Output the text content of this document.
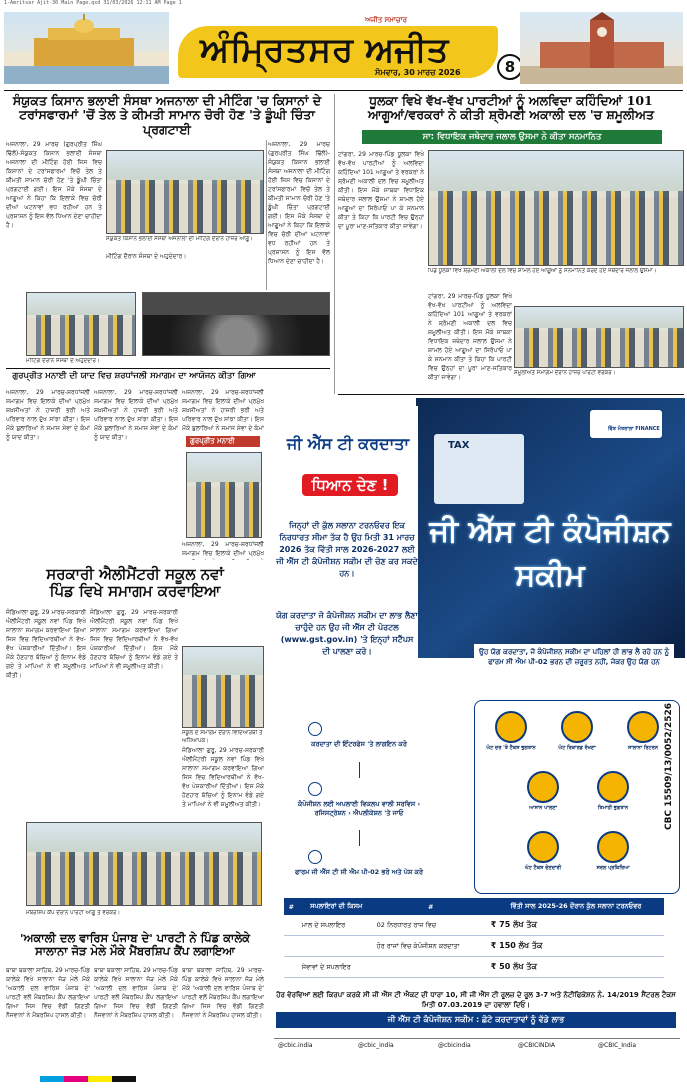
1-Amritsar Ajit-30 Main Page.qxd 31/03/2026 12:11 AM Page 1
ਅੰਮ੍ਰਿਤਸਰ
ਅਜੀਤ ਸਮਾਚਾਰ
ਅਜੀਤ
ਸੋਮਵਾਰ, 30 ਮਾਰਚ 2026	8
ਸੰਯੁਕਤ ਕਿਸਾਨ ਭਲਾਈ ਸੰਸਥਾ ਅਜਨਾਲਾ ਦੀ ਮੀਟਿੰਗ 'ਚ ਕਿਸਾਨਾਂ ਦੇ
ਟਰਾਂਸਫਾਰਮਾਂ 'ਚੋਂ ਤੇਲ ਤੇ ਕੀਮਤੀ ਸਾਮਾਨ ਚੋਰੀ ਹੋਣ 'ਤੇ ਡੂੰਘੀ ਚਿੰਤਾ ਪ੍ਰਗਟਾਈ
ਅਜਨਾਲਾ, 29 ਮਾਰਚ (ਗੁਰਪ੍ਰੀਤ ਸਿੰਘ ਢਿੱਲੋਂ)-ਸੰਯੁਕਤ ਕਿਸਾਨ ਭਲਾਈ ਸੰਸਥਾ ਅਜਨਾਲਾ ਦੀ ਮੀਟਿੰਗ ਹੋਈ ਜਿਸ ਵਿਚ ਕਿਸਾਨਾਂ ਦੇ ਟਰਾਂਸਫਾਰਮਾਂ ਵਿਚੋਂ ਤੇਲ ਤੇ ਕੀਮਤੀ ਸਾਮਾਨ ਚੋਰੀ ਹੋਣ 'ਤੇ ਡੂੰਘੀ ਚਿੰਤਾ ਪ੍ਰਗਟਾਈ ਗਈ। ਇਸ ਮੌਕੇ ਸੰਸਥਾ ਦੇ ਆਗੂਆਂ ਨੇ ਕਿਹਾ ਕਿ ਇਲਾਕੇ ਵਿਚ ਚੋਰੀ ਦੀਆਂ ਘਟਨਾਵਾਂ ਵਧ ਰਹੀਆਂ ਹਨ ਤੇ ਪ੍ਰਸ਼ਾਸਨ ਨੂੰ ਇਸ ਵੱਲ ਧਿਆਨ ਦੇਣਾ ਚਾਹੀਦਾ ਹੈ।
ਸੰਯੁਕਤ ਕਿਸਾਨ ਭਲਾਈ ਸੰਸਥਾ ਅਜਨਾਲਾ ਦੀ ਮੀਟਿੰਗ ਦੌਰਾਨ ਹਾਜ਼ਰ ਆਗੂ।
ਮੀਟਿੰਗ ਦੌਰਾਨ ਸੰਸਥਾ ਦੇ ਅਹੁਦੇਦਾਰ।
ਅਜਨਾਲਾ, 29 ਮਾਰਚ (ਗੁਰਪ੍ਰੀਤ ਸਿੰਘ ਢਿੱਲੋਂ)-ਸੰਯੁਕਤ ਕਿਸਾਨ ਭਲਾਈ ਸੰਸਥਾ ਅਜਨਾਲਾ ਦੀ ਮੀਟਿੰਗ ਹੋਈ ਜਿਸ ਵਿਚ ਕਿਸਾਨਾਂ ਦੇ ਟਰਾਂਸਫਾਰਮਾਂ ਵਿਚੋਂ ਤੇਲ ਤੇ ਕੀਮਤੀ ਸਾਮਾਨ ਚੋਰੀ ਹੋਣ 'ਤੇ ਡੂੰਘੀ ਚਿੰਤਾ ਪ੍ਰਗਟਾਈ ਗਈ। ਇਸ ਮੌਕੇ ਸੰਸਥਾ ਦੇ ਆਗੂਆਂ ਨੇ ਕਿਹਾ ਕਿ ਇਲਾਕੇ ਵਿਚ ਚੋਰੀ ਦੀਆਂ ਘਟਨਾਵਾਂ ਵਧ ਰਹੀਆਂ ਹਨ ਤੇ ਪ੍ਰਸ਼ਾਸਨ ਨੂੰ ਇਸ ਵੱਲ ਧਿਆਨ ਦੇਣਾ ਚਾਹੀਦਾ ਹੈ।
ਮੀਟਿੰਗ ਦੌਰਾਨ ਸੰਸਥਾ ਦੇ ਅਹੁਦੇਦਾਰ।
ਧੂਲਕਾ ਵਿਖੇ ਵੱਖ-ਵੱਖ ਪਾਰਟੀਆਂ ਨੂੰ ਅਲਵਿਦਾ ਕਹਿੰਦਿਆਂ 101
ਆਗੂਆਂ/ਵਰਕਰਾਂ ਨੇ ਕੀਤੀ ਸ਼੍ਰੋਮਣੀ ਅਕਾਲੀ ਦਲ 'ਚ ਸ਼ਮੂਲੀਅਤ
ਸਾ: ਵਿਧਾਇਕ ਜਥੇਦਾਰ ਜਲਾਲ ਉਸਮਾ ਨੇ ਕੀਤਾ ਸਨਮਾਨਿਤ
ਟਾਂਗਰਾ, 29 ਮਾਰਚ-ਪਿੰਡ ਧੂਲਕਾ ਵਿਖੇ ਵੱਖ-ਵੱਖ ਪਾਰਟੀਆਂ ਨੂੰ ਅਲਵਿਦਾ ਕਹਿੰਦਿਆਂ 101 ਆਗੂਆਂ ਤੇ ਵਰਕਰਾਂ ਨੇ ਸ਼੍ਰੋਮਣੀ ਅਕਾਲੀ ਦਲ ਵਿਚ ਸ਼ਮੂਲੀਅਤ ਕੀਤੀ। ਇਸ ਮੌਕੇ ਸਾਬਕਾ ਵਿਧਾਇਕ ਜਥੇਦਾਰ ਜਲਾਲ ਉਸਮਾ ਨੇ ਸ਼ਾਮਲ ਹੋਏ ਆਗੂਆਂ ਦਾ ਸਿਰੋਪਾਓ ਪਾ ਕੇ ਸਨਮਾਨ ਕੀਤਾ ਤੇ ਕਿਹਾ ਕਿ ਪਾਰਟੀ ਵਿਚ ਉਨ੍ਹਾਂ ਦਾ ਪੂਰਾ ਮਾਣ-ਸਤਿਕਾਰ ਕੀਤਾ ਜਾਵੇਗਾ।
ਪਿੰਡ ਧੂਲਕਾ ਵਿਖੇ ਸ਼੍ਰੋਮਣੀ ਅਕਾਲੀ ਦਲ ਵਿਚ ਸ਼ਾਮਲ ਹੋਏ ਆਗੂਆਂ ਨੂੰ ਸਨਮਾਨਿਤ ਕਰਦੇ ਹੋਏ ਜਥੇਦਾਰ ਜਲਾਲ ਉਸਮਾ।
ਟਾਂਗਰਾ, 29 ਮਾਰਚ-ਪਿੰਡ ਧੂਲਕਾ ਵਿਖੇ ਵੱਖ-ਵੱਖ ਪਾਰਟੀਆਂ ਨੂੰ ਅਲਵਿਦਾ ਕਹਿੰਦਿਆਂ 101 ਆਗੂਆਂ ਤੇ ਵਰਕਰਾਂ ਨੇ ਸ਼੍ਰੋਮਣੀ ਅਕਾਲੀ ਦਲ ਵਿਚ ਸ਼ਮੂਲੀਅਤ ਕੀਤੀ। ਇਸ ਮੌਕੇ ਸਾਬਕਾ ਵਿਧਾਇਕ ਜਥੇਦਾਰ ਜਲਾਲ ਉਸਮਾ ਨੇ ਸ਼ਾਮਲ ਹੋਏ ਆਗੂਆਂ ਦਾ ਸਿਰੋਪਾਓ ਪਾ ਕੇ ਸਨਮਾਨ ਕੀਤਾ ਤੇ ਕਿਹਾ ਕਿ ਪਾਰਟੀ ਵਿਚ ਉਨ੍ਹਾਂ ਦਾ ਪੂਰਾ ਮਾਣ-ਸਤਿਕਾਰ ਕੀਤਾ ਜਾਵੇਗਾ।
ਸ਼ਮੂਲੀਅਤ ਸਮਾਗਮ ਦੌਰਾਨ ਹਾਜ਼ਰ ਪਾਰਟੀ ਵਰਕਰ।
ਗੁਰਪ੍ਰੀਤ ਮਨਾਈ ਦੀ ਯਾਦ ਵਿਚ ਸ਼ਰਧਾਂਜਲੀ ਸਮਾਗਮ ਦਾ ਆਯੋਜਨ ਕੀਤਾ ਗਿਆ
ਅਜਨਾਲਾ, 29 ਮਾਰਚ-ਸ਼ਰਧਾਂਜਲੀ ਸਮਾਗਮ ਵਿਚ ਇਲਾਕੇ ਦੀਆਂ ਪ੍ਰਮੁੱਖ ਸ਼ਖ਼ਸੀਅਤਾਂ ਨੇ ਹਾਜ਼ਰੀ ਭਰੀ ਅਤੇ ਪਰਿਵਾਰ ਨਾਲ ਦੁੱਖ ਸਾਂਝਾ ਕੀਤਾ। ਇਸ ਮੌਕੇ ਬੁਲਾਰਿਆਂ ਨੇ ਸਮਾਜ ਸੇਵਾ ਦੇ ਕੰਮਾਂ ਨੂੰ ਯਾਦ ਕੀਤਾ।
ਅਜਨਾਲਾ, 29 ਮਾਰਚ-ਸ਼ਰਧਾਂਜਲੀ ਸਮਾਗਮ ਵਿਚ ਇਲਾਕੇ ਦੀਆਂ ਪ੍ਰਮੁੱਖ ਸ਼ਖ਼ਸੀਅਤਾਂ ਨੇ ਹਾਜ਼ਰੀ ਭਰੀ ਅਤੇ ਪਰਿਵਾਰ ਨਾਲ ਦੁੱਖ ਸਾਂਝਾ ਕੀਤਾ। ਇਸ ਮੌਕੇ ਬੁਲਾਰਿਆਂ ਨੇ ਸਮਾਜ ਸੇਵਾ ਦੇ ਕੰਮਾਂ ਨੂੰ ਯਾਦ ਕੀਤਾ।
ਅਜਨਾਲਾ, 29 ਮਾਰਚ-ਸ਼ਰਧਾਂਜਲੀ ਸਮਾਗਮ ਵਿਚ ਇਲਾਕੇ ਦੀਆਂ ਪ੍ਰਮੁੱਖ ਸ਼ਖ਼ਸੀਅਤਾਂ ਨੇ ਹਾਜ਼ਰੀ ਭਰੀ ਅਤੇ ਪਰਿਵਾਰ ਨਾਲ ਦੁੱਖ ਸਾਂਝਾ ਕੀਤਾ। ਇਸ ਮੌਕੇ ਬੁਲਾਰਿਆਂ ਨੇ ਸਮਾਜ ਸੇਵਾ ਦੇ ਕੰਮਾਂ
ਗੁਰਪ੍ਰੀਤ ਮਨਾਈ
ਅਜਨਾਲਾ, 29 ਮਾਰਚ-ਸ਼ਰਧਾਂਜਲੀ ਸਮਾਗਮ ਵਿਚ ਇਲਾਕੇ ਦੀਆਂ ਪ੍ਰਮੁੱਖ
ਸਰਕਾਰੀ ਐਲੀਮੈਂਟਰੀ ਸਕੂਲ ਨਵਾਂ
ਪਿੰਡ ਵਿਖੇ ਸਮਾਗਮ ਕਰਵਾਇਆ
ਜੰਡਿਆਲਾ ਗੁਰੂ, 29 ਮਾਰਚ-ਸਰਕਾਰੀ ਐਲੀਮੈਂਟਰੀ ਸਕੂਲ ਨਵਾਂ ਪਿੰਡ ਵਿਖੇ ਸਾਲਾਨਾ ਸਮਾਗਮ ਕਰਵਾਇਆ ਗਿਆ ਜਿਸ ਵਿਚ ਵਿਦਿਆਰਥੀਆਂ ਨੇ ਵੱਖ-ਵੱਖ ਪੇਸ਼ਕਾਰੀਆਂ ਦਿੱਤੀਆਂ। ਇਸ ਮੌਕੇ ਹੋਣਹਾਰ ਬੱਚਿਆਂ ਨੂੰ ਇਨਾਮ ਵੰਡੇ ਗਏ ਤੇ ਮਾਪਿਆਂ ਨੇ ਵੀ ਸ਼ਮੂਲੀਅਤ ਕੀਤੀ।
ਜੰਡਿਆਲਾ ਗੁਰੂ, 29 ਮਾਰਚ-ਸਰਕਾਰੀ ਐਲੀਮੈਂਟਰੀ ਸਕੂਲ ਨਵਾਂ ਪਿੰਡ ਵਿਖੇ ਸਾਲਾਨਾ ਸਮਾਗਮ ਕਰਵਾਇਆ ਗਿਆ ਜਿਸ ਵਿਚ ਵਿਦਿਆਰਥੀਆਂ ਨੇ ਵੱਖ-ਵੱਖ ਪੇਸ਼ਕਾਰੀਆਂ ਦਿੱਤੀਆਂ। ਇਸ ਮੌਕੇ ਹੋਣਹਾਰ ਬੱਚਿਆਂ ਨੂੰ ਇਨਾਮ ਵੰਡੇ ਗਏ ਤੇ ਮਾਪਿਆਂ ਨੇ ਵੀ ਸ਼ਮੂਲੀਅਤ ਕੀਤੀ।
ਸਕੂਲ ਦੇ ਸਮਾਗਮ ਦੌਰਾਨ ਵਿਦਿਆਰਥੀ ਤੇ ਅਧਿਆਪਕ।
ਜੰਡਿਆਲਾ ਗੁਰੂ, 29 ਮਾਰਚ-ਸਰਕਾਰੀ ਐਲੀਮੈਂਟਰੀ ਸਕੂਲ ਨਵਾਂ ਪਿੰਡ ਵਿਖੇ ਸਾਲਾਨਾ ਸਮਾਗਮ ਕਰਵਾਇਆ ਗਿਆ ਜਿਸ ਵਿਚ ਵਿਦਿਆਰਥੀਆਂ ਨੇ ਵੱਖ-ਵੱਖ ਪੇਸ਼ਕਾਰੀਆਂ ਦਿੱਤੀਆਂ। ਇਸ ਮੌਕੇ ਹੋਣਹਾਰ ਬੱਚਿਆਂ ਨੂੰ ਇਨਾਮ ਵੰਡੇ ਗਏ ਤੇ ਮਾਪਿਆਂ ਨੇ ਵੀ ਸ਼ਮੂਲੀਅਤ ਕੀਤੀ।
ਮੈਂਬਰਸ਼ਿਪ ਕੈਂਪ ਦੌਰਾਨ ਪਾਰਟੀ ਆਗੂ ਤੇ ਵਰਕਰ।
'ਅਕਾਲੀ ਦਲ ਵਾਰਿਸ ਪੰਜਾਬ ਦੇ' ਪਾਰਟੀ ਨੇ ਪਿੰਡ ਕਾਲੇਕੇ
ਸਾਲਾਨਾ ਜੋੜ ਮੇਲੇ ਮੌਕੇ ਮੈਂਬਰਸ਼ਿਪ ਕੈਂਪ ਲਗਾਇਆ
ਬਾਬਾ ਬਕਾਲਾ ਸਾਹਿਬ, 29 ਮਾਰਚ-ਪਿੰਡ ਕਾਲੇਕੇ ਵਿਖੇ ਸਾਲਾਨਾ ਜੋੜ ਮੇਲੇ ਮੌਕੇ 'ਅਕਾਲੀ ਦਲ ਵਾਰਿਸ ਪੰਜਾਬ ਦੇ' ਪਾਰਟੀ ਵਲੋਂ ਮੈਂਬਰਸ਼ਿਪ ਕੈਂਪ ਲਗਾਇਆ ਗਿਆ ਜਿਸ ਵਿਚ ਵੱਡੀ ਗਿਣਤੀ ਨੌਜਵਾਨਾਂ ਨੇ ਮੈਂਬਰਸ਼ਿਪ ਹਾਸਲ ਕੀਤੀ।
ਬਾਬਾ ਬਕਾਲਾ ਸਾਹਿਬ, 29 ਮਾਰਚ-ਪਿੰਡ ਕਾਲੇਕੇ ਵਿਖੇ ਸਾਲਾਨਾ ਜੋੜ ਮੇਲੇ ਮੌਕੇ 'ਅਕਾਲੀ ਦਲ ਵਾਰਿਸ ਪੰਜਾਬ ਦੇ' ਪਾਰਟੀ ਵਲੋਂ ਮੈਂਬਰਸ਼ਿਪ ਕੈਂਪ ਲਗਾਇਆ ਗਿਆ ਜਿਸ ਵਿਚ ਵੱਡੀ ਗਿਣਤੀ ਨੌਜਵਾਨਾਂ ਨੇ ਮੈਂਬਰਸ਼ਿਪ ਹਾਸਲ ਕੀਤੀ।
ਬਾਬਾ ਬਕਾਲਾ ਸਾਹਿਬ, 29 ਮਾਰਚ-ਪਿੰਡ ਕਾਲੇਕੇ ਵਿਖੇ ਸਾਲਾਨਾ ਜੋੜ ਮੇਲੇ ਮੌਕੇ 'ਅਕਾਲੀ ਦਲ ਵਾਰਿਸ ਪੰਜਾਬ ਦੇ' ਪਾਰਟੀ ਵਲੋਂ ਮੈਂਬਰਸ਼ਿਪ ਕੈਂਪ ਲਗਾਇਆ ਗਿਆ ਜਿਸ ਵਿਚ ਵੱਡੀ ਗਿਣਤੀ ਨੌਜਵਾਨਾਂ ਨੇ ਮੈਂਬਰਸ਼ਿਪ ਹਾਸਲ ਕੀਤੀ।
TAX
ਵਿੱਤ ਮੰਤਰਾਲਾ FINANCE
ਜੀ ਐੱਸ ਟੀ ਕੰਪੋਜੀਸ਼ਨ ਸਕੀਮ
ਜੀ ਐੱਸ ਟੀ ਕਰਦਾਤਾ
ਧਿਆਨ ਦੇਣ !
ਜਿਨ੍ਹਾਂ ਦੀ ਕੁੱਲ ਸਲਾਨਾ ਟਰਨਓਵਰ ਇਕ ਨਿਰਧਾਰਤ ਸੀਮਾ ਤੱਕ ਹੈ ਉਹ ਮਿਤੀ 31 ਮਾਰਚ 2026 ਤੱਕ ਵਿੱਤੀ ਸਾਲ 2026-2027 ਲਈ ਜੀ ਐੱਸ ਟੀ ਕੰਪੋਜੀਸ਼ਨ ਸਕੀਮ ਦੀ ਚੋਣ ਕਰ ਸਕਦੇ ਹਨ।
ਯੋਗ ਕਰਦਾਤਾ ਜੋ ਕੰਪੋਜੀਸ਼ਨ ਸਕੀਮ ਦਾ ਲਾਭ ਲੈਣਾ ਚਾਹੁੰਦੇ ਹਨ ਉਹ ਜੀ ਐੱਸ ਟੀ ਪੋਰਟਲ (www.gst.gov.in) 'ਤੇ ਇਨ੍ਹਾਂ ਸਟੈੱਪਸ ਦੀ ਪਾਲਣਾ ਕਰੋ।	ਉਹ ਯੋਗ ਕਰਦਾਤਾ, ਜੋ ਕੰਪੋਜੀਸ਼ਨ ਸਕੀਮ ਦਾ ਪਹਿਲਾਂ ਹੀ ਲਾਭ ਲੈ ਰਹੇ ਹਨ ਨੂੰ ਫਾਰਮ ਸੀ ਐਮ ਪੀ-02 ਭਰਨ ਦੀ ਜ਼ਰੂਰਤ ਨਹੀਂ, ਜੇਕਰ ਉਹ ਯੋਗ ਹਨ
ਕਰਦਾਤਾ ਦੀ ਇੰਟਰਫੇਸ 'ਤੇ ਲਾਗਇਨ ਕਰੋ
ਕੰਪੋਜੀਸ਼ਨ ਲਈ ਅਪਲਾਈ ਵਿਕਲਪ ਵਾਲੀ ਸਰਵਿਸ › ਰਜਿਸਟ੍ਰੇਸ਼ਨ › ਐਪਲੀਕੇਸ਼ਨ 'ਤੇ ਜਾਓ
ਫਾਰਮ ਜੀ ਐੱਸ ਟੀ ਸੀ ਐਮ ਪੀ-02 ਭਰੋ ਅਤੇ ਪੇਸ਼ ਕਰੋ
ਘੱਟ ਦਰ 'ਤੇ ਟੈਕਸ ਭੁਗਤਾਨ	ਘੱਟ ਰਿਕਾਰਡ ਰੱਖਣਾ	ਸਾਲਾਨਾ ਰਿਟਰਨ
ਆਸਾਨ ਪਾਲਣਾ	ਤਿਮਾਹੀ ਭੁਗਤਾਨ
ਘੱਟ ਟੈਕਸ ਦੇਣਦਾਰੀ	ਸਰਲ ਪ੍ਰਕਿਰਿਆ
#	ਸਪਲਾਇਰਾਂ ਦੀ ਕਿਸਮ	#	ਵਿੱਤੀ ਸਾਲ 2025-26 ਦੌਰਾਨ ਕੁੱਲ ਸਲਾਨਾ ਟਰਨਓਵਰ
	ਮਾਲ ਦੇ ਸਪਲਾਇਰ	02 ਨਿਰਧਾਰਤ ਰਾਜ ਵਿਚ	₹ 75 ਲੱਖ ਤੱਕ
		ਹੋਰ ਰਾਜਾਂ ਵਿਚ ਕੰਪੋਜੀਸ਼ਨ ਕਰਦਾਤਾ	₹ 150 ਲੱਖ ਤੱਕ
	ਸੇਵਾਵਾਂ ਦੇ ਸਪਲਾਇਰ		₹ 50 ਲੱਖ ਤੱਕ
ਹੋਰ ਵੇਰਵਿਆਂ ਲਈ ਕਿਰਪਾ ਕਰਕੇ ਸੀ ਜੀ ਐੱਸ ਟੀ ਐਕਟ ਦੀ ਧਾਰਾ 10, ਸੀ ਜੀ ਐੱਸ ਟੀ ਰੂਲਜ਼ ਦੇ ਰੂਲ 3-7 ਅਤੇ ਨੋਟੀਫਿਕੇਸ਼ਨ ਨੰ. 14/2019 ਸੈਂਟਰਲ ਟੈਕਸ ਮਿਤੀ 07.03.2019 ਦਾ ਹਵਾਲਾ ਦਿਓ।
ਜੀ ਐੱਸ ਟੀ ਕੰਪੋਜੀਸ਼ਨ ਸਕੀਮ : ਛੋਟੇ ਕਰਦਾਤਾਵਾਂ ਨੂੰ ਵੱਡੇ ਲਾਭ
@cbic.india	@cbic_india	@cbicindia	@CBICINDIA	@CBIC_India
CBC 15509/13/0052/2526
